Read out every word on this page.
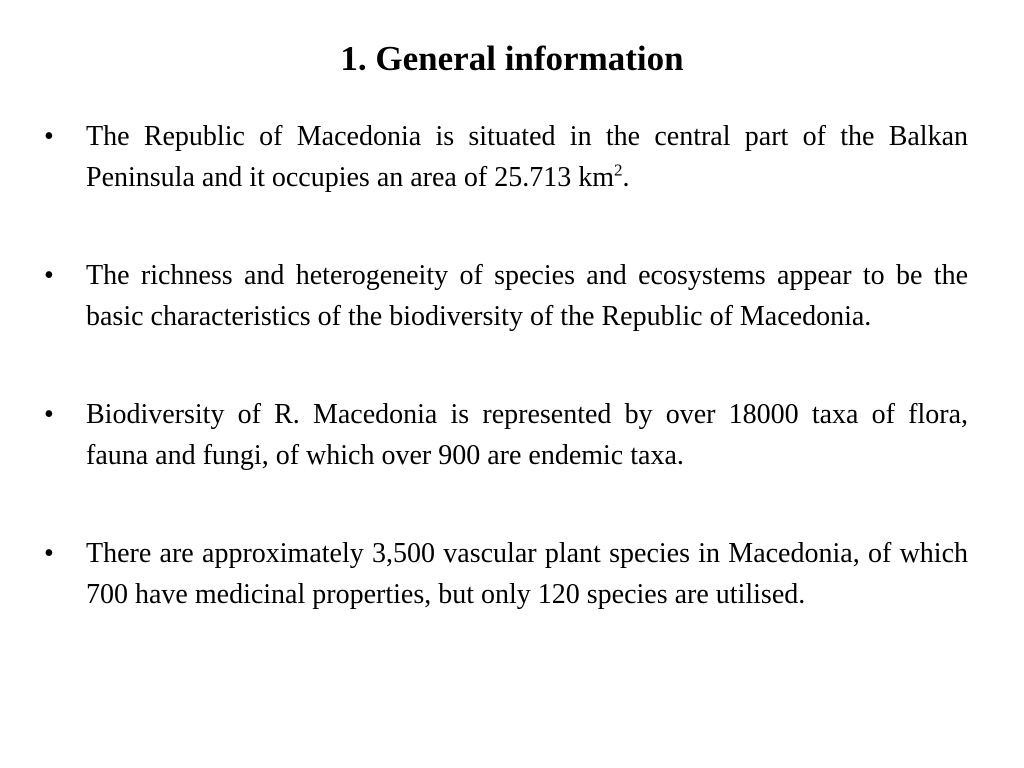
1. General information
•	The Republic of Macedonia is situated in the central part of the Balkan Peninsula and it occupies an area of 25.713 $km^2$.
•	The richness and heterogeneity of species and ecosystems appear to be the basic characteristics of the biodiversity of the Republic of Macedonia.
•	Biodiversity of R. Macedonia is represented by over 18000 taxa of flora, fauna and fungi, of which over 900 are endemic taxa.
•	There are approximately 3,500 vascular plant species in Macedonia, of which 700 have medicinal properties, but only 120 species are utilised.
